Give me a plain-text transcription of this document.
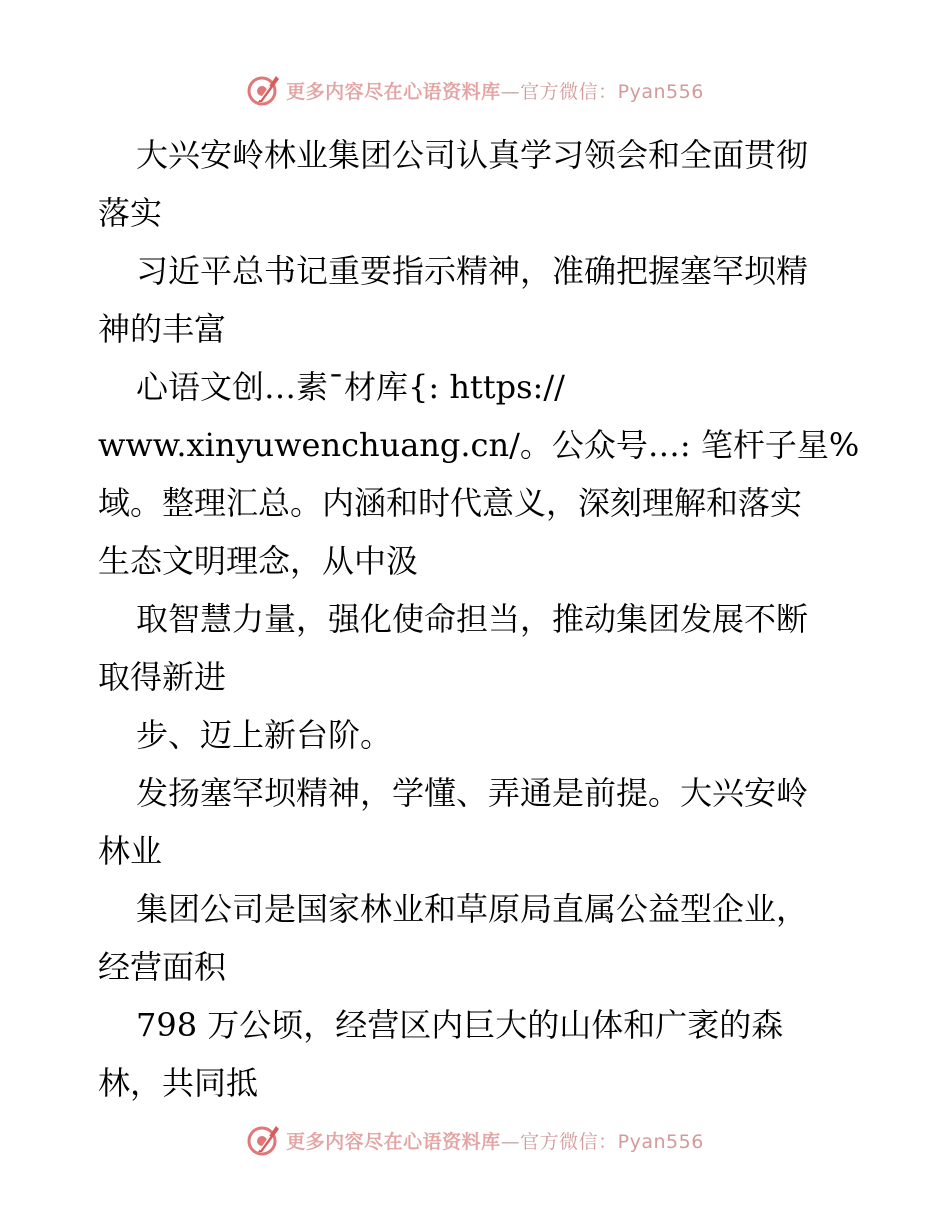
更多内容尽在心语资料库—官方微信：Pyan556
大兴安岭林业集团公司认真学习领会和全面贯彻
落实
习近平总书记重要指示精神，准确把握塞罕坝精
神的丰富
心语文创…素¯材库{: https://
www.xinyuwenchuang.cn/。公众号…: 笔杆子星%
域。整理汇总。内涵和时代意义，深刻理解和落实
生态文明理念，从中汲
取智慧力量，强化使命担当，推动集团发展不断
取得新进
步、迈上新台阶。
发扬塞罕坝精神，学懂、弄通是前提。大兴安岭
林业
集团公司是国家林业和草原局直属公益型企业，
经营面积
798 万公顷，经营区内巨大的山体和广袤的森
林，共同抵
更多内容尽在心语资料库—官方微信：Pyan556
